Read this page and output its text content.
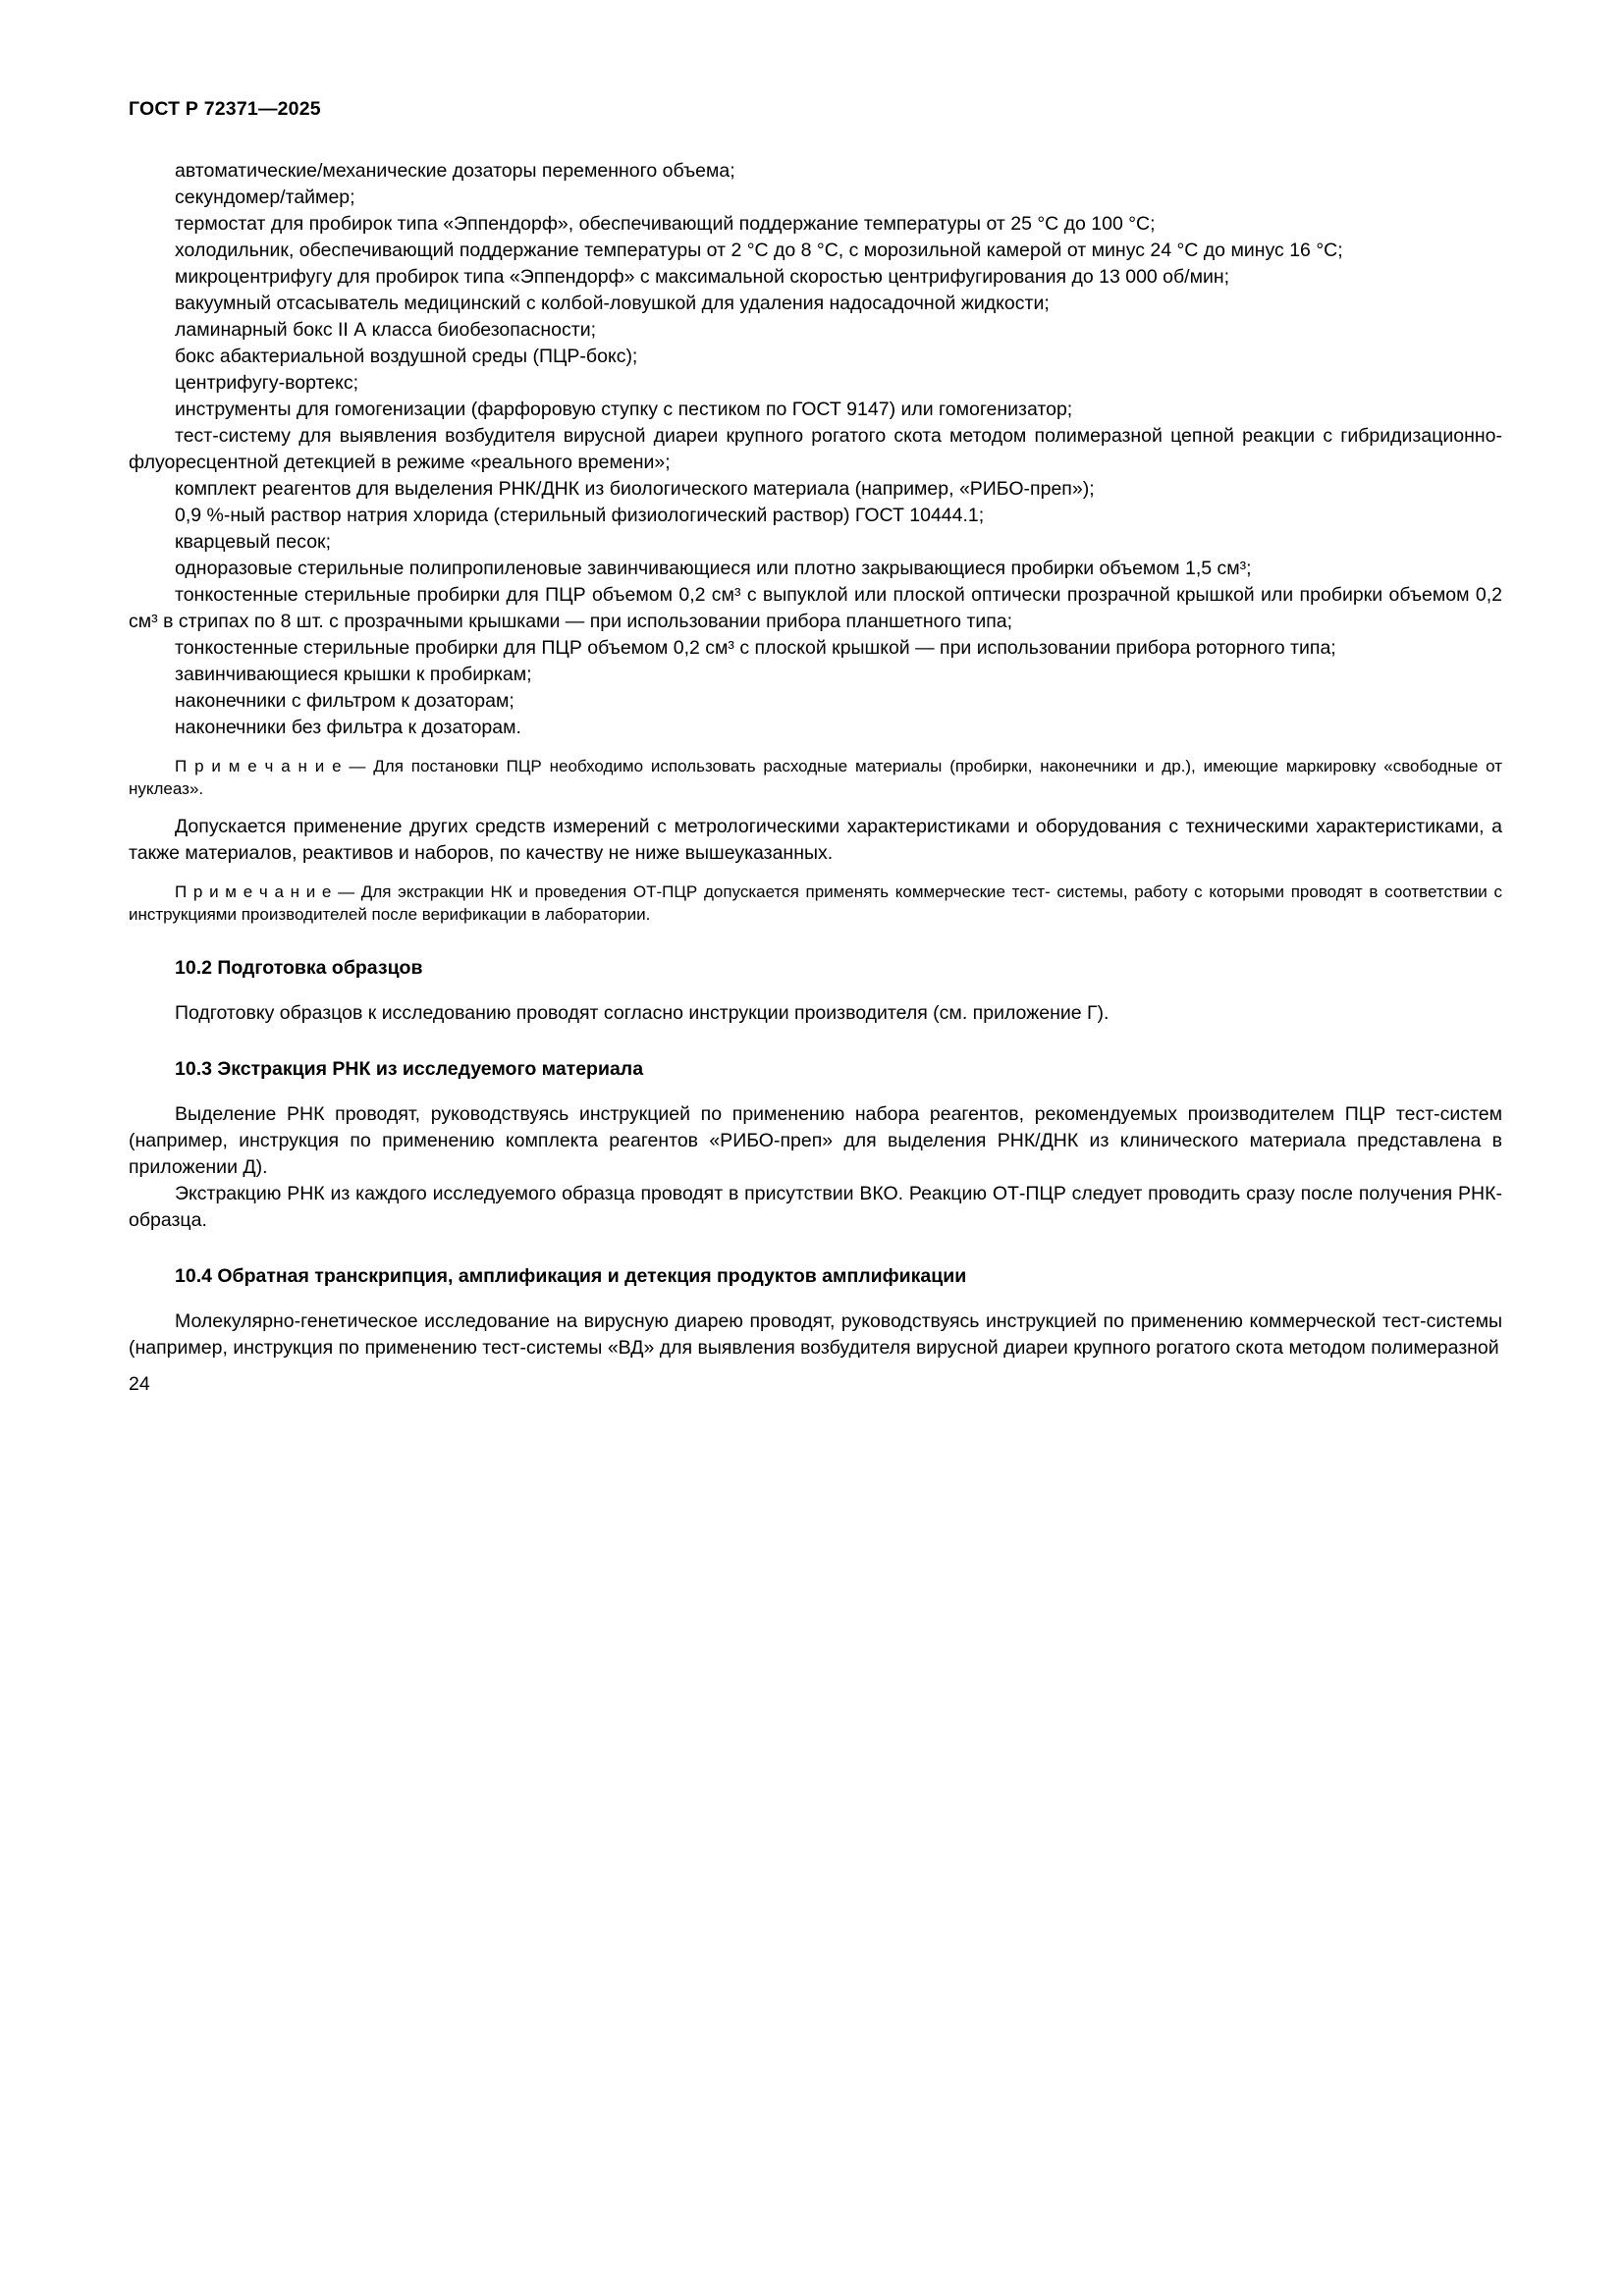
ГОСТ Р 72371—2025

автоматические/механические дозаторы переменного объема;

секундомер/таймер;

термостат для пробирок типа «Эппендорф», обеспечивающий поддержание температуры от 25 °C до 100 °C;

холодильник, обеспечивающий поддержание температуры от 2 °C до 8 °C, с морозильной камерой от минус 24 °C до минус 16 °C;

микроцентрифугу для пробирок типа «Эппендорф» с максимальной скоростью центрифугирования до 13 000 об/мин;

вакуумный отсасыватель медицинский с колбой-ловушкой для удаления надосадочной жидкости;

ламинарный бокс II А класса биобезопасности;

бокс абактериальной воздушной среды (ПЦР-бокс);

центрифугу-вортекс;

инструменты для гомогенизации (фарфоровую ступку с пестиком по ГОСТ 9147) или гомогенизатор;

тест-систему для выявления возбудителя вирусной диареи крупного рогатого скота методом полимеразной цепной реакции с гибридизационно-флуоресцентной детекцией в режиме «реального времени»;

комплект реагентов для выделения РНК/ДНК из биологического материала (например, «РИБО-преп»);

0,9 %-ный раствор натрия хлорида (стерильный физиологический раствор) ГОСТ 10444.1;

кварцевый песок;

одноразовые стерильные полипропиленовые завинчивающиеся или плотно закрывающиеся пробирки объемом 1,5 см³;

тонкостенные стерильные пробирки для ПЦР объемом 0,2 см³ с выпуклой или плоской оптически прозрачной крышкой или пробирки объемом 0,2 см³ в стрипах по 8 шт. с прозрачными крышками — при использовании прибора планшетного типа;

тонкостенные стерильные пробирки для ПЦР объемом 0,2 см³ с плоской крышкой — при использовании прибора роторного типа;

завинчивающиеся крышки к пробиркам;

наконечники с фильтром к дозаторам;

наконечники без фильтра к дозаторам.

П р и м е ч а н и е — Для постановки ПЦР необходимо использовать расходные материалы (пробирки, наконечники и др.), имеющие маркировку «свободные от нуклеаз».

Допускается применение других средств измерений с метрологическими характеристиками и оборудования с техническими характеристиками, а также материалов, реактивов и наборов, по качеству не ниже вышеуказанных.

П р и м е ч а н и е — Для экстракции НК и проведения ОТ-ПЦР допускается применять коммерческие тест- системы, работу с которыми проводят в соответствии с инструкциями производителей после верификации в лаборатории.

10.2 Подготовка образцов

Подготовку образцов к исследованию проводят согласно инструкции производителя (см. приложение Г).

10.3 Экстракция РНК из исследуемого материала

Выделение РНК проводят, руководствуясь инструкцией по применению набора реагентов, рекомендуемых производителем ПЦР тест-систем (например, инструкция по применению комплекта реагентов «РИБО-преп» для выделения РНК/ДНК из клинического материала представлена в приложении Д).

Экстракцию РНК из каждого исследуемого образца проводят в присутствии ВКО. Реакцию ОТ-ПЦР следует проводить сразу после получения РНК-образца.

10.4 Обратная транскрипция, амплификация и детекция продуктов амплификации

Молекулярно-генетическое исследование на вирусную диарею проводят, руководствуясь инструкцией по применению коммерческой тест-системы (например, инструкция по применению тест-системы «ВД» для выявления возбудителя вирусной диареи крупного рогатого скота методом полимеразной

24
